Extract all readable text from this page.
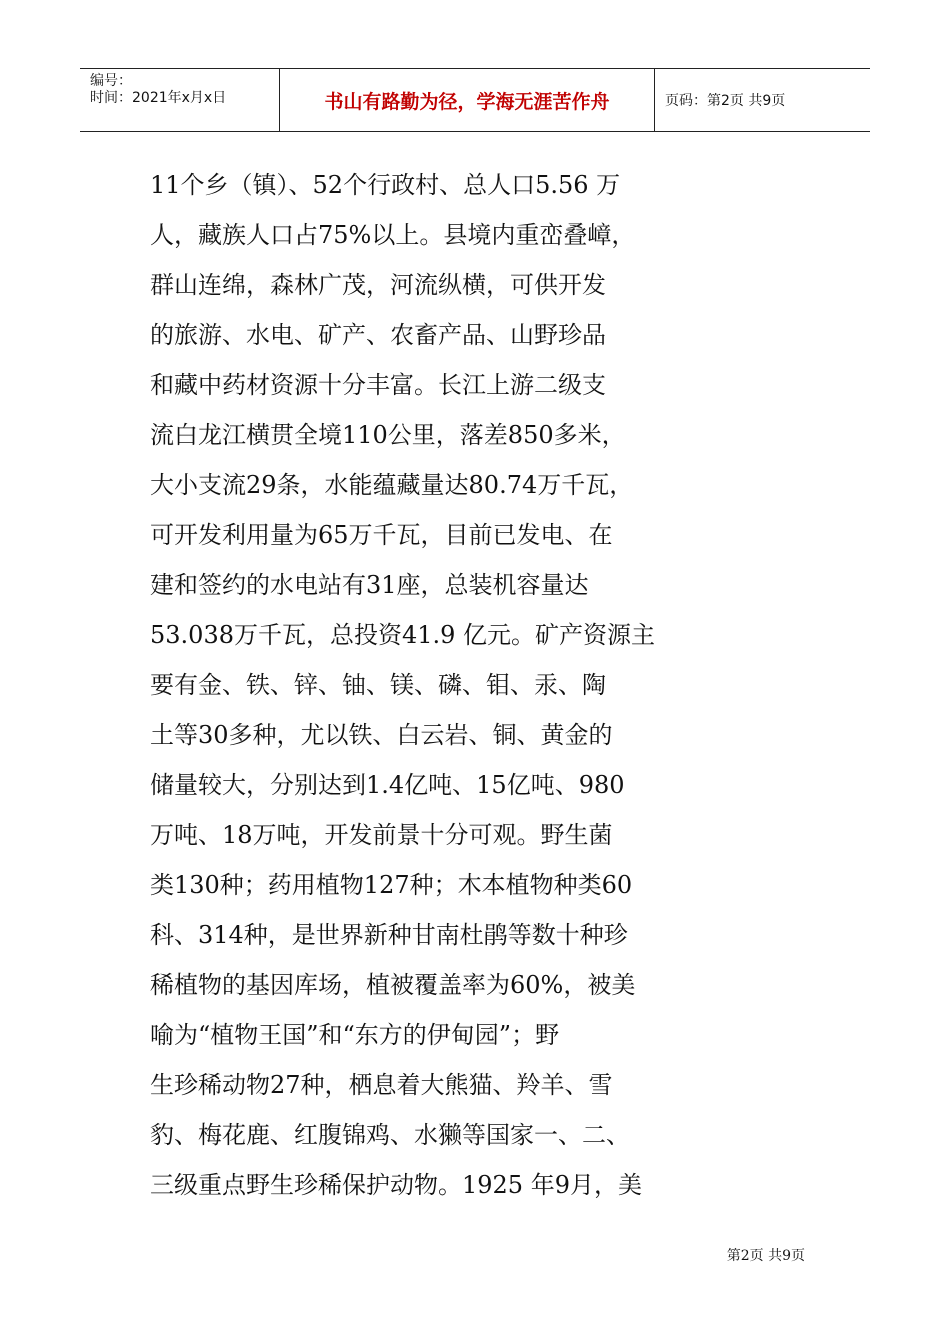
编号：
时间：2021年x月x日	书山有路勤为径，学海无涯苦作舟	页码：第2页 共9页
11个乡（镇）、52个行政村、总人口5.56 万
人，藏族人口占75%以上。县境内重峦叠嶂，
群山连绵，森林广茂，河流纵横，可供开发
的旅游、水电、矿产、农畜产品、山野珍品
和藏中药材资源十分丰富。长江上游二级支
流白龙江横贯全境110公里，落差850多米，
大小支流29条，水能蕴藏量达80.74万千瓦，
可开发利用量为65万千瓦，目前已发电、在
建和签约的水电站有31座，总装机容量达
53.038万千瓦，总投资41.9 亿元。矿产资源主
要有金、铁、锌、铀、镁、磷、钼、汞、陶
土等30多种，尤以铁、白云岩、铜、黄金的
储量较大，分别达到1.4亿吨、15亿吨、980
万吨、18万吨，开发前景十分可观。野生菌
类130种；药用植物127种；木本植物种类60
科、314种，是世界新种甘南杜鹃等数十种珍
稀植物的基因库场，植被覆盖率为60%，被美
喻为“植物王国”和“东方的伊甸园”；野
生珍稀动物27种，栖息着大熊猫、羚羊、雪
豹、梅花鹿、红腹锦鸡、水獭等国家一、二、
三级重点野生珍稀保护动物。1925 年9月，美
第2页 共9页
